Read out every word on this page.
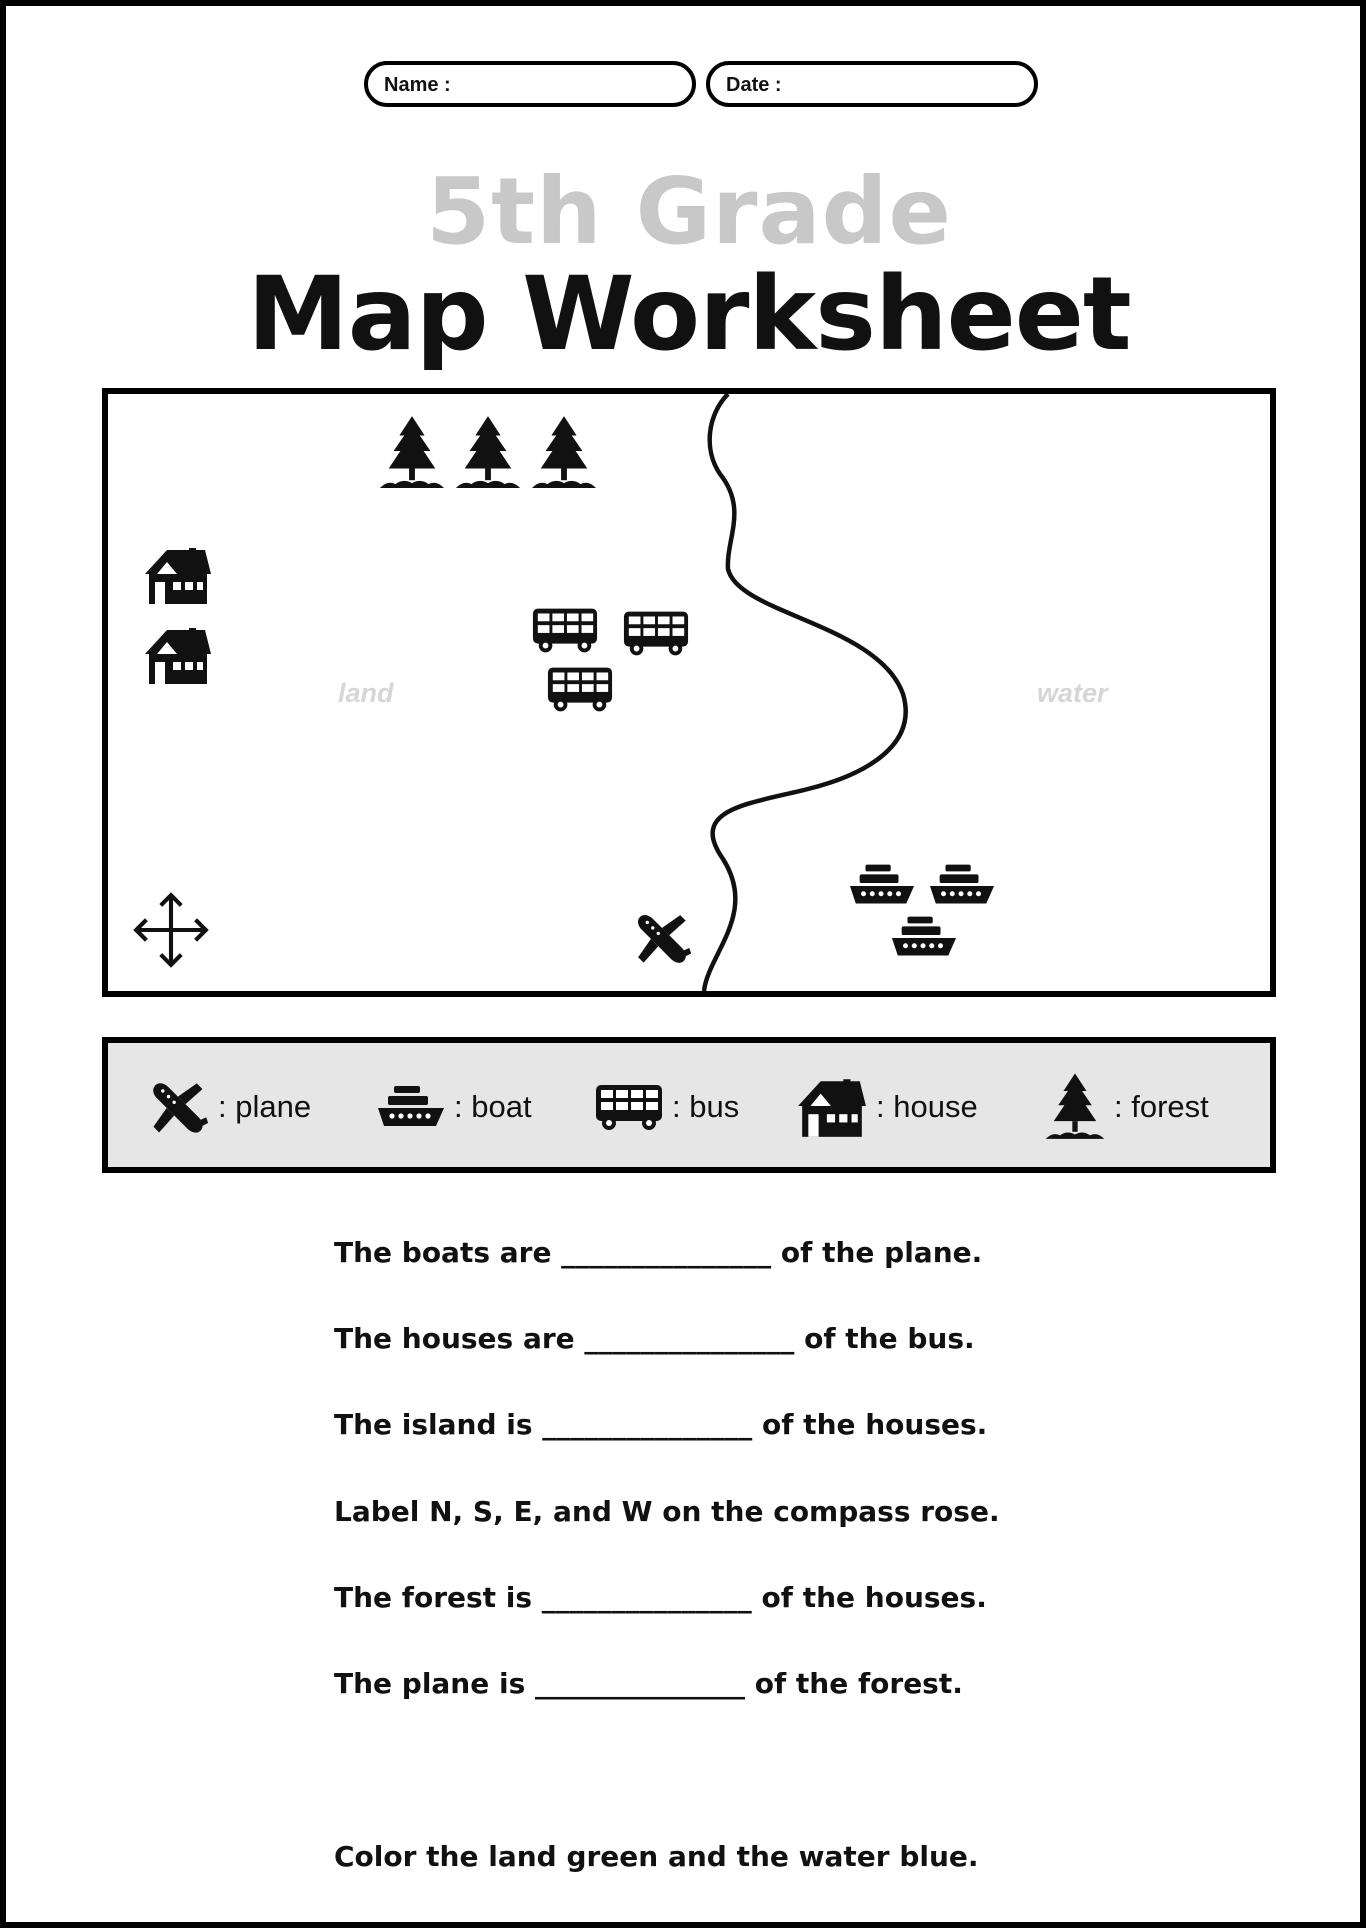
Name :	Date :
5th Grade
Map Worksheet
land	water
: plane	: boat	: bus	: house	: forest
The boats are _______________ of the plane.
The houses are _______________ of the bus.
The island is _______________ of the houses.
Label N, S, E, and W on the compass rose.
The forest is _______________ of the houses.
The plane is _______________ of the forest.
Color the land green and the water blue.
